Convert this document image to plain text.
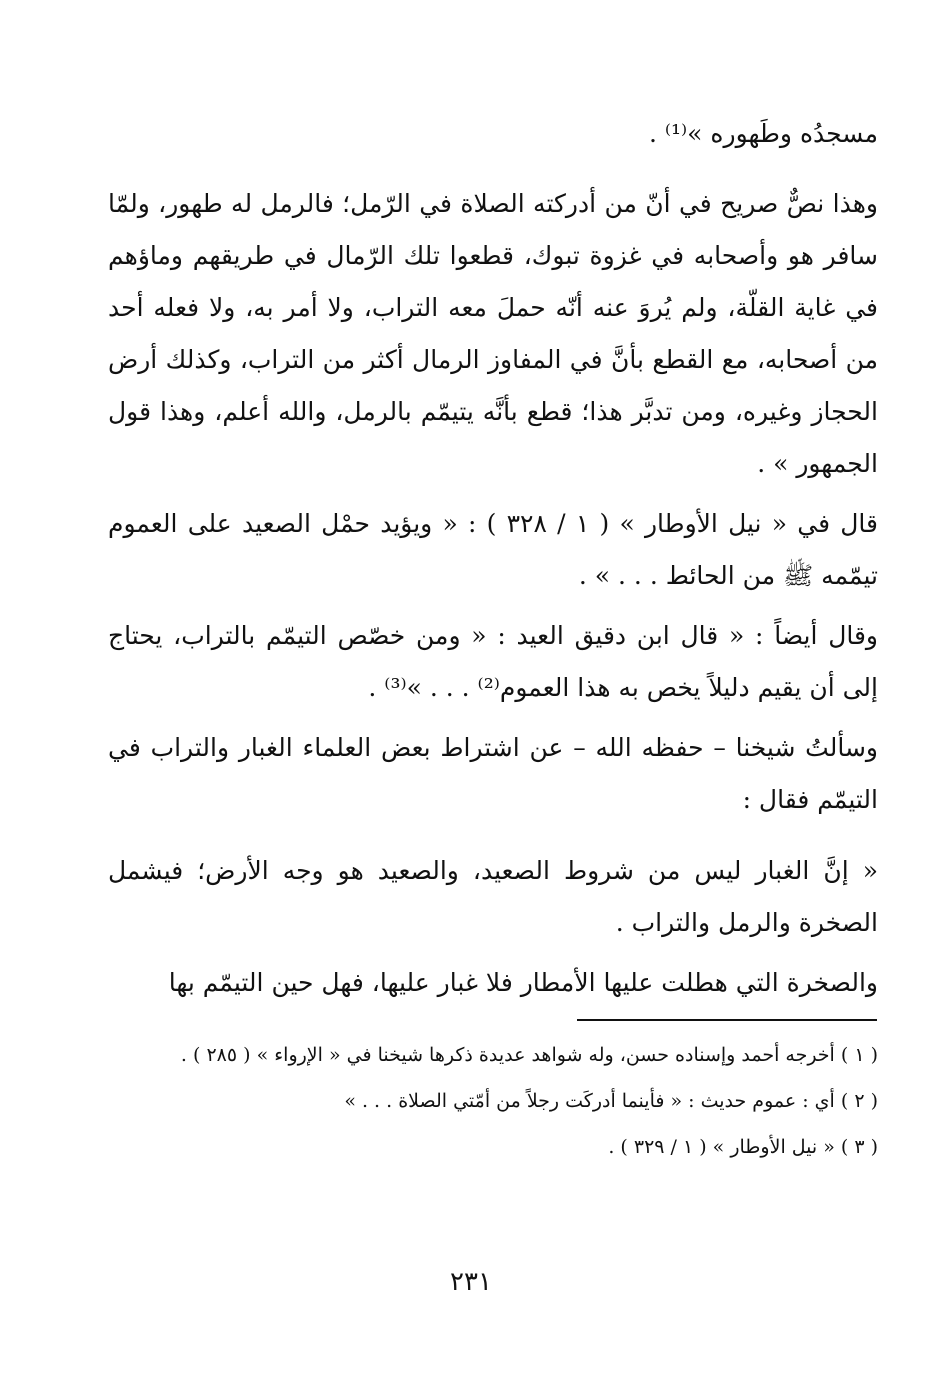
مسجدُه وطَهوره »⁽¹⁾ .

وهذا نصٌّ صريح في أنّ من أدركته الصلاة في الرّمل؛ فالرمل له طهور، ولمّا سافر هو وأصحابه في غزوة تبوك، قطعوا تلك الرّمال في طريقهم وماؤهم في غاية القلّة، ولم يُروَ عنه أنّه حملَ معه التراب، ولا أمر به، ولا فعله أحد من أصحابه، مع القطع بأنَّ في المفاوز الرمال أكثر من التراب، وكذلك أرض الحجاز وغيره، ومن تدبَّر هذا؛ قطع بأنَّه يتيمّم بالرمل، والله أعلم، وهذا قول الجمهور » .

قال في « نيل الأوطار » ( ١ / ٣٢٨ ) : « ويؤيد حمْل الصعيد على العموم تيمّمه ﷺ من الحائط . . . » .

وقال أيضاً : « قال ابن دقيق العيد : « ومن خصّص التيمّم بالتراب، يحتاج إلى أن يقيم دليلاً يخص به هذا العموم⁽²⁾ . . . »⁽³⁾ .

وسألتُ شيخنا – حفظه الله – عن اشتراط بعض العلماء الغبار والتراب في التيمّم فقال :

« إنَّ الغبار ليس من شروط الصعيد، والصعيد هو وجه الأرض؛ فيشمل الصخرة والرمل والتراب .

والصخرة التي هطلت عليها الأمطار فلا غبار عليها، فهل حين التيمّم بها

( ١ ) أخرجه أحمد وإسناده حسن، وله شواهد عديدة ذكرها شيخنا في « الإرواء » ( ٢٨٥ ) .

( ٢ ) أي : عموم حديث : « فأينما أدركَت رجلاً من أمّتي الصلاة . . . »

( ٣ ) « نيل الأوطار » ( ١ / ٣٢٩ ) .

٢٣١
